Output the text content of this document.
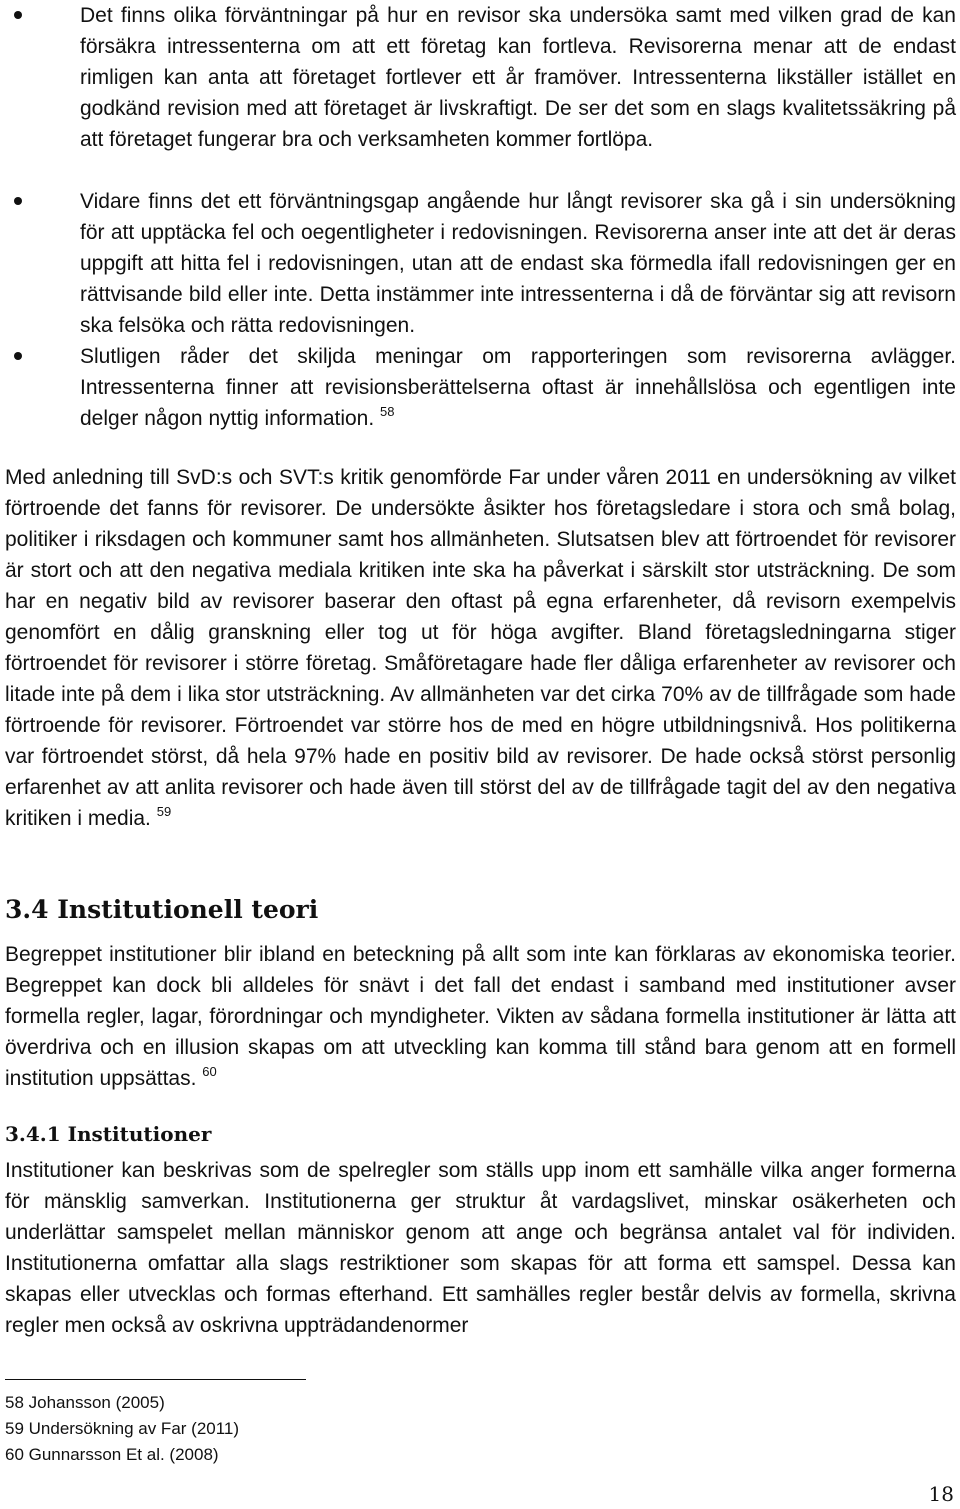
Det finns olika förväntningar på hur en revisor ska undersöka samt med vilken grad de kan försäkra intressenterna om att ett företag kan fortleva. Revisorerna menar att de endast rimligen kan anta att företaget fortlever ett år framöver. Intressenterna likställer istället en godkänd revision med att företaget är livskraftigt. De ser det som en slags kvalitetssäkring på att företaget fungerar bra och verksamheten kommer fortlöpa.
Vidare finns det ett förväntningsgap angående hur långt revisorer ska gå i sin undersökning för att upptäcka fel och oegentligheter i redovisningen. Revisorerna anser inte att det är deras uppgift att hitta fel i redovisningen, utan att de endast ska förmedla ifall redovisningen ger en rättvisande bild eller inte. Detta instämmer inte intressenterna i då de förväntar sig att revisorn ska felsöka och rätta redovisningen.
Slutligen råder det skiljda meningar om rapporteringen som revisorerna avlägger. Intressenterna finner att revisionsberättelserna oftast är innehållslösa och egentligen inte delger någon nyttig information. $^{58}$

Med anledning till SvD:s och SVT:s kritik genomförde Far under våren 2011 en undersökning av vilket förtroende det fanns för revisorer. De undersökte åsikter hos företagsledare i stora och små bolag, politiker i riksdagen och kommuner samt hos allmänheten. Slutsatsen blev att förtroendet för revisorer är stort och att den negativa mediala kritiken inte ska ha påverkat i särskilt stor utsträckning. De som har en negativ bild av revisorer baserar den oftast på egna erfarenheter, då revisorn exempelvis genomfört en dålig granskning eller tog ut för höga avgifter. Bland företagsledningarna stiger förtroendet för revisorer i större företag. Småföretagare hade fler dåliga erfarenheter av revisorer och litade inte på dem i lika stor utsträckning. Av allmänheten var det cirka 70% av de tillfrågade som hade förtroende för revisorer. Förtroendet var större hos de med en högre utbildningsnivå. Hos politikerna var förtroendet störst, då hela 97% hade en positiv bild av revisorer. De hade också störst personlig erfarenhet av att anlita revisorer och hade även till störst del av de tillfrågade tagit del av den negativa kritiken i media. $^{59}$

3.4 Institutionell teori

Begreppet institutioner blir ibland en beteckning på allt som inte kan förklaras av ekonomiska teorier. Begreppet kan dock bli alldeles för snävt i det fall det endast i samband med institutioner avser formella regler, lagar, förordningar och myndigheter. Vikten av sådana formella institutioner är lätta att överdriva och en illusion skapas om att utveckling kan komma till stånd bara genom att en formell institution uppsättas. $^{60}$

3.4.1 Institutioner

Institutioner kan beskrivas som de spelregler som ställs upp inom ett samhälle vilka anger formerna för mänsklig samverkan. Institutionerna ger struktur åt vardagslivet, minskar osäkerheten och underlättar samspelet mellan människor genom att ange och begränsa antalet val för individen. Institutionerna omfattar alla slags restriktioner som skapas för att forma ett samspel. Dessa kan skapas eller utvecklas och formas efterhand. Ett samhälles regler består delvis av formella, skrivna regler men också av oskrivna uppträdandenormer

58 Johansson (2005)
59 Undersökning av Far (2011)
60 Gunnarsson Et al. (2008)
18
